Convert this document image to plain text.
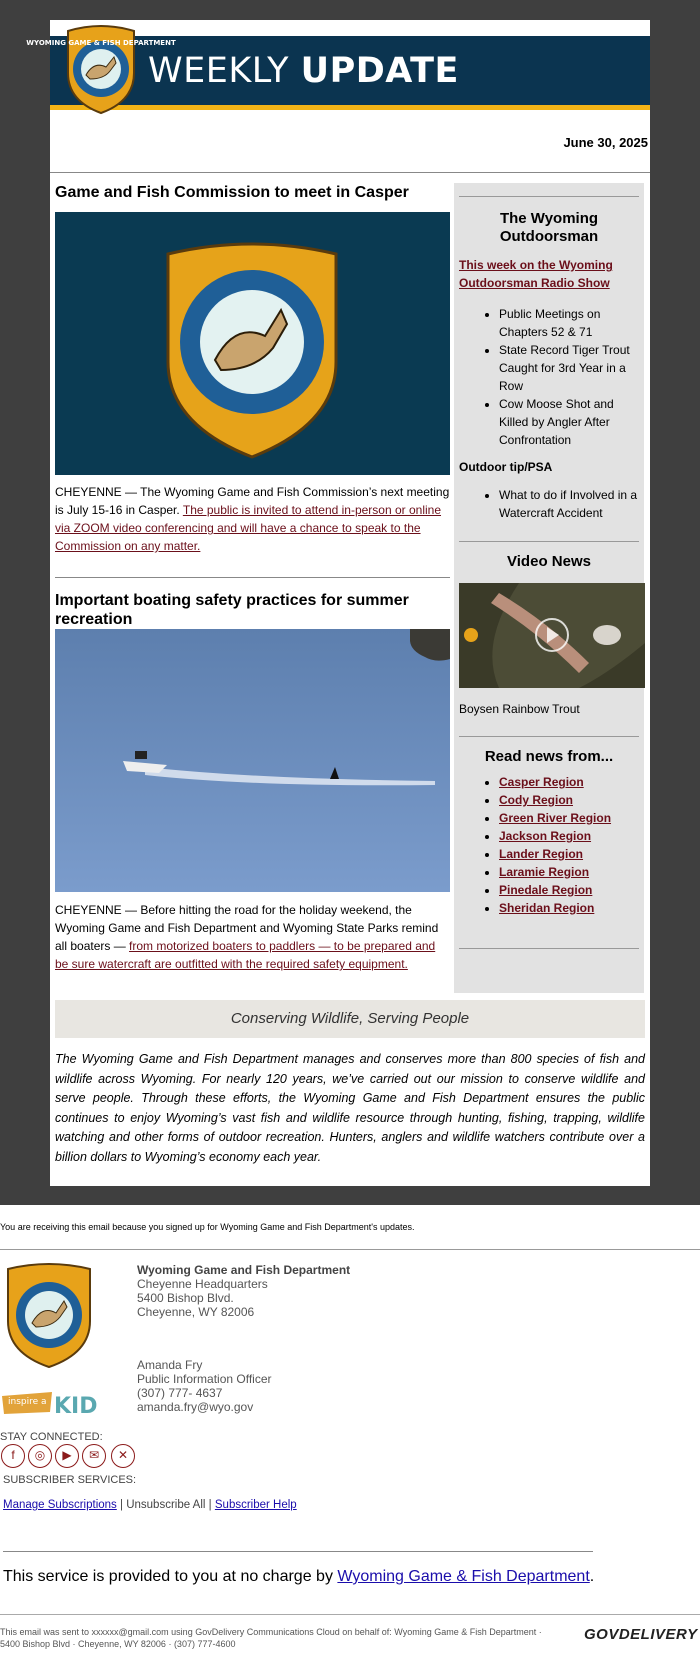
WEEKLY UPDATE
WYOMING GAME & FISH DEPARTMENT
June 30, 2025
Game and Fish Commission to meet in Casper
CHEYENNE — The Wyoming Game and Fish Commission’s next meeting is July 15-16 in Casper. The public is invited to attend in-person or online via ZOOM video conferencing and will have a chance to speak to the Commission on any matter.
Important boating safety practices for summer recreation
CHEYENNE — Before hitting the road for the holiday weekend, the Wyoming Game and Fish Department and Wyoming State Parks remind all boaters — from motorized boaters to paddlers — to be prepared and be sure watercraft are outfitted with the required safety equipment.
The Wyoming Outdoorsman
This week on the Wyoming Outdoorsman Radio Show
• Public Meetings on Chapters 52 & 71
• State Record Tiger Trout Caught for 3rd Year in a Row
• Cow Moose Shot and Killed by Angler After Confrontation
Outdoor tip/PSA
• What to do if Involved in a Watercraft Accident
Video News
Boysen Rainbow Trout
Read news from...
• Casper Region
• Cody Region
• Green River Region
• Jackson Region
• Lander Region
• Laramie Region
• Pinedale Region
• Sheridan Region
Conserving Wildlife, Serving People
The Wyoming Game and Fish Department manages and conserves more than 800 species of fish and wildlife across Wyoming. For nearly 120 years, we’ve carried out our mission to conserve wildlife and serve people. Through these efforts, the Wyoming Game and Fish Department ensures the public continues to enjoy Wyoming’s vast fish and wildlife resource through hunting, fishing, trapping, wildlife watching and other forms of outdoor recreation. Hunters, anglers and wildlife watchers contribute over a billion dollars to Wyoming’s economy each year.
You are receiving this email because you signed up for Wyoming Game and Fish Department's updates.
Wyoming Game and Fish Department
Cheyenne Headquarters
5400 Bishop Blvd.
Cheyenne, WY 82006
Amanda Fry
Public Information Officer
(307) 777- 4637
amanda.fry@wyo.gov
inspire a KID
STAY CONNECTED:
f	◎	▶	✉	✕
SUBSCRIBER SERVICES:
Manage Subscriptions | Unsubscribe All | Subscriber Help
This service is provided to you at no charge by Wyoming Game & Fish Department.
This email was sent to xxxxxx@gmail.com using GovDelivery Communications Cloud on behalf of: Wyoming Game & Fish Department · 5400 Bishop Blvd · Cheyenne, WY 82006 · (307) 777-4600
GOVDELIVERY
